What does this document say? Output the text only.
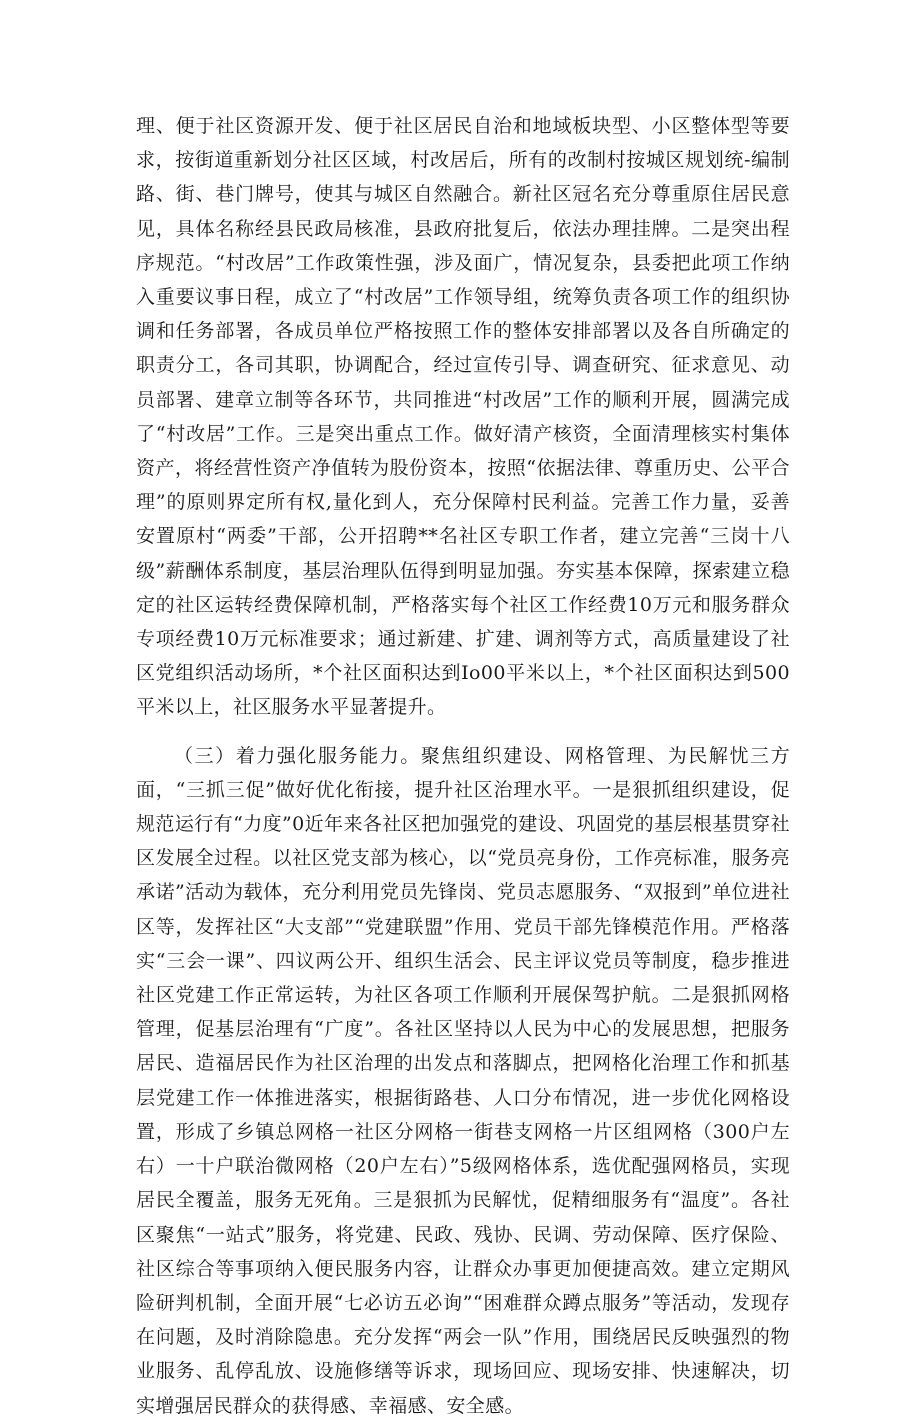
理、便于社区资源开发、便于社区居民自治和地域板块型、小区整体型等要求，按街道重新划分社区区域，村改居后，所有的改制村按城区规划统-编制路、街、巷门牌号，使其与城区自然融合。新社区冠名充分尊重原住居民意见，具体名称经县民政局核准，县政府批复后，依法办理挂牌。二是突出程序规范。“村改居”工作政策性强，涉及面广，情况复杂，县委把此项工作纳入重要议事日程，成立了“村改居”工作领导组，统筹负责各项工作的组织协调和任务部署，各成员单位严格按照工作的整体安排部署以及各自所确定的职责分工，各司其职，协调配合，经过宣传引导、调查研究、征求意见、动员部署、建章立制等各环节，共同推进“村改居”工作的顺利开展，圆满完成了“村改居”工作。三是突出重点工作。做好清产核资，全面清理核实村集体资产，将经营性资产净值转为股份资本，按照“依据法律、尊重历史、公平合理”的原则界定所有权,量化到人，充分保障村民利益。完善工作力量，妥善安置原村“两委”干部，公开招聘**名社区专职工作者，建立完善“三岗十八级”薪酬体系制度，基层治理队伍得到明显加强。夯实基本保障，探索建立稳定的社区运转经费保障机制，严格落实每个社区工作经费10万元和服务群众专项经费10万元标准要求；通过新建、扩建、调剂等方式，高质量建设了社区党组织活动场所，*个社区面积达到Io00平米以上，*个社区面积达到500平米以上，社区服务水平显著提升。

（三）着力强化服务能力。聚焦组织建设、网格管理、为民解忧三方面，“三抓三促”做好优化衔接，提升社区治理水平。一是狠抓组织建设，促规范运行有“力度”0近年来各社区把加强党的建设、巩固党的基层根基贯穿社区发展全过程。以社区党支部为核心，以“党员亮身份，工作亮标准，服务亮承诺”活动为载体，充分利用党员先锋岗、党员志愿服务、“双报到”单位进社区等，发挥社区“大支部”“党建联盟”作用、党员干部先锋模范作用。严格落实“三会一课”、四议两公开、组织生活会、民主评议党员等制度，稳步推进社区党建工作正常运转，为社区各项工作顺利开展保驾护航。二是狠抓网格管理，促基层治理有“广度”。各社区坚持以人民为中心的发展思想，把服务居民、造福居民作为社区治理的出发点和落脚点，把网格化治理工作和抓基层党建工作一体推进落实，根据街路巷、人口分布情况，进一步优化网格设置，形成了乡镇总网格一社区分网格一街巷支网格一片区组网格（300户左右）一十户联治微网格（20户左右）”5级网格体系，选优配强网格员，实现居民全覆盖，服务无死角。三是狠抓为民解忧，促精细服务有“温度”。各社区聚焦“一站式”服务，将党建、民政、残协、民调、劳动保障、医疗保险、社区综合等事项纳入便民服务内容，让群众办事更加便捷高效。建立定期风险研判机制，全面开展“七必访五必询”“困难群众蹲点服务”等活动，发现存在问题，及时消除隐患。充分发挥“两会一队”作用，围绕居民反映强烈的物业服务、乱停乱放、设施修缮等诉求，现场回应、现场安排、快速解决，切实增强居民群众的获得感、幸福感、安全感。
